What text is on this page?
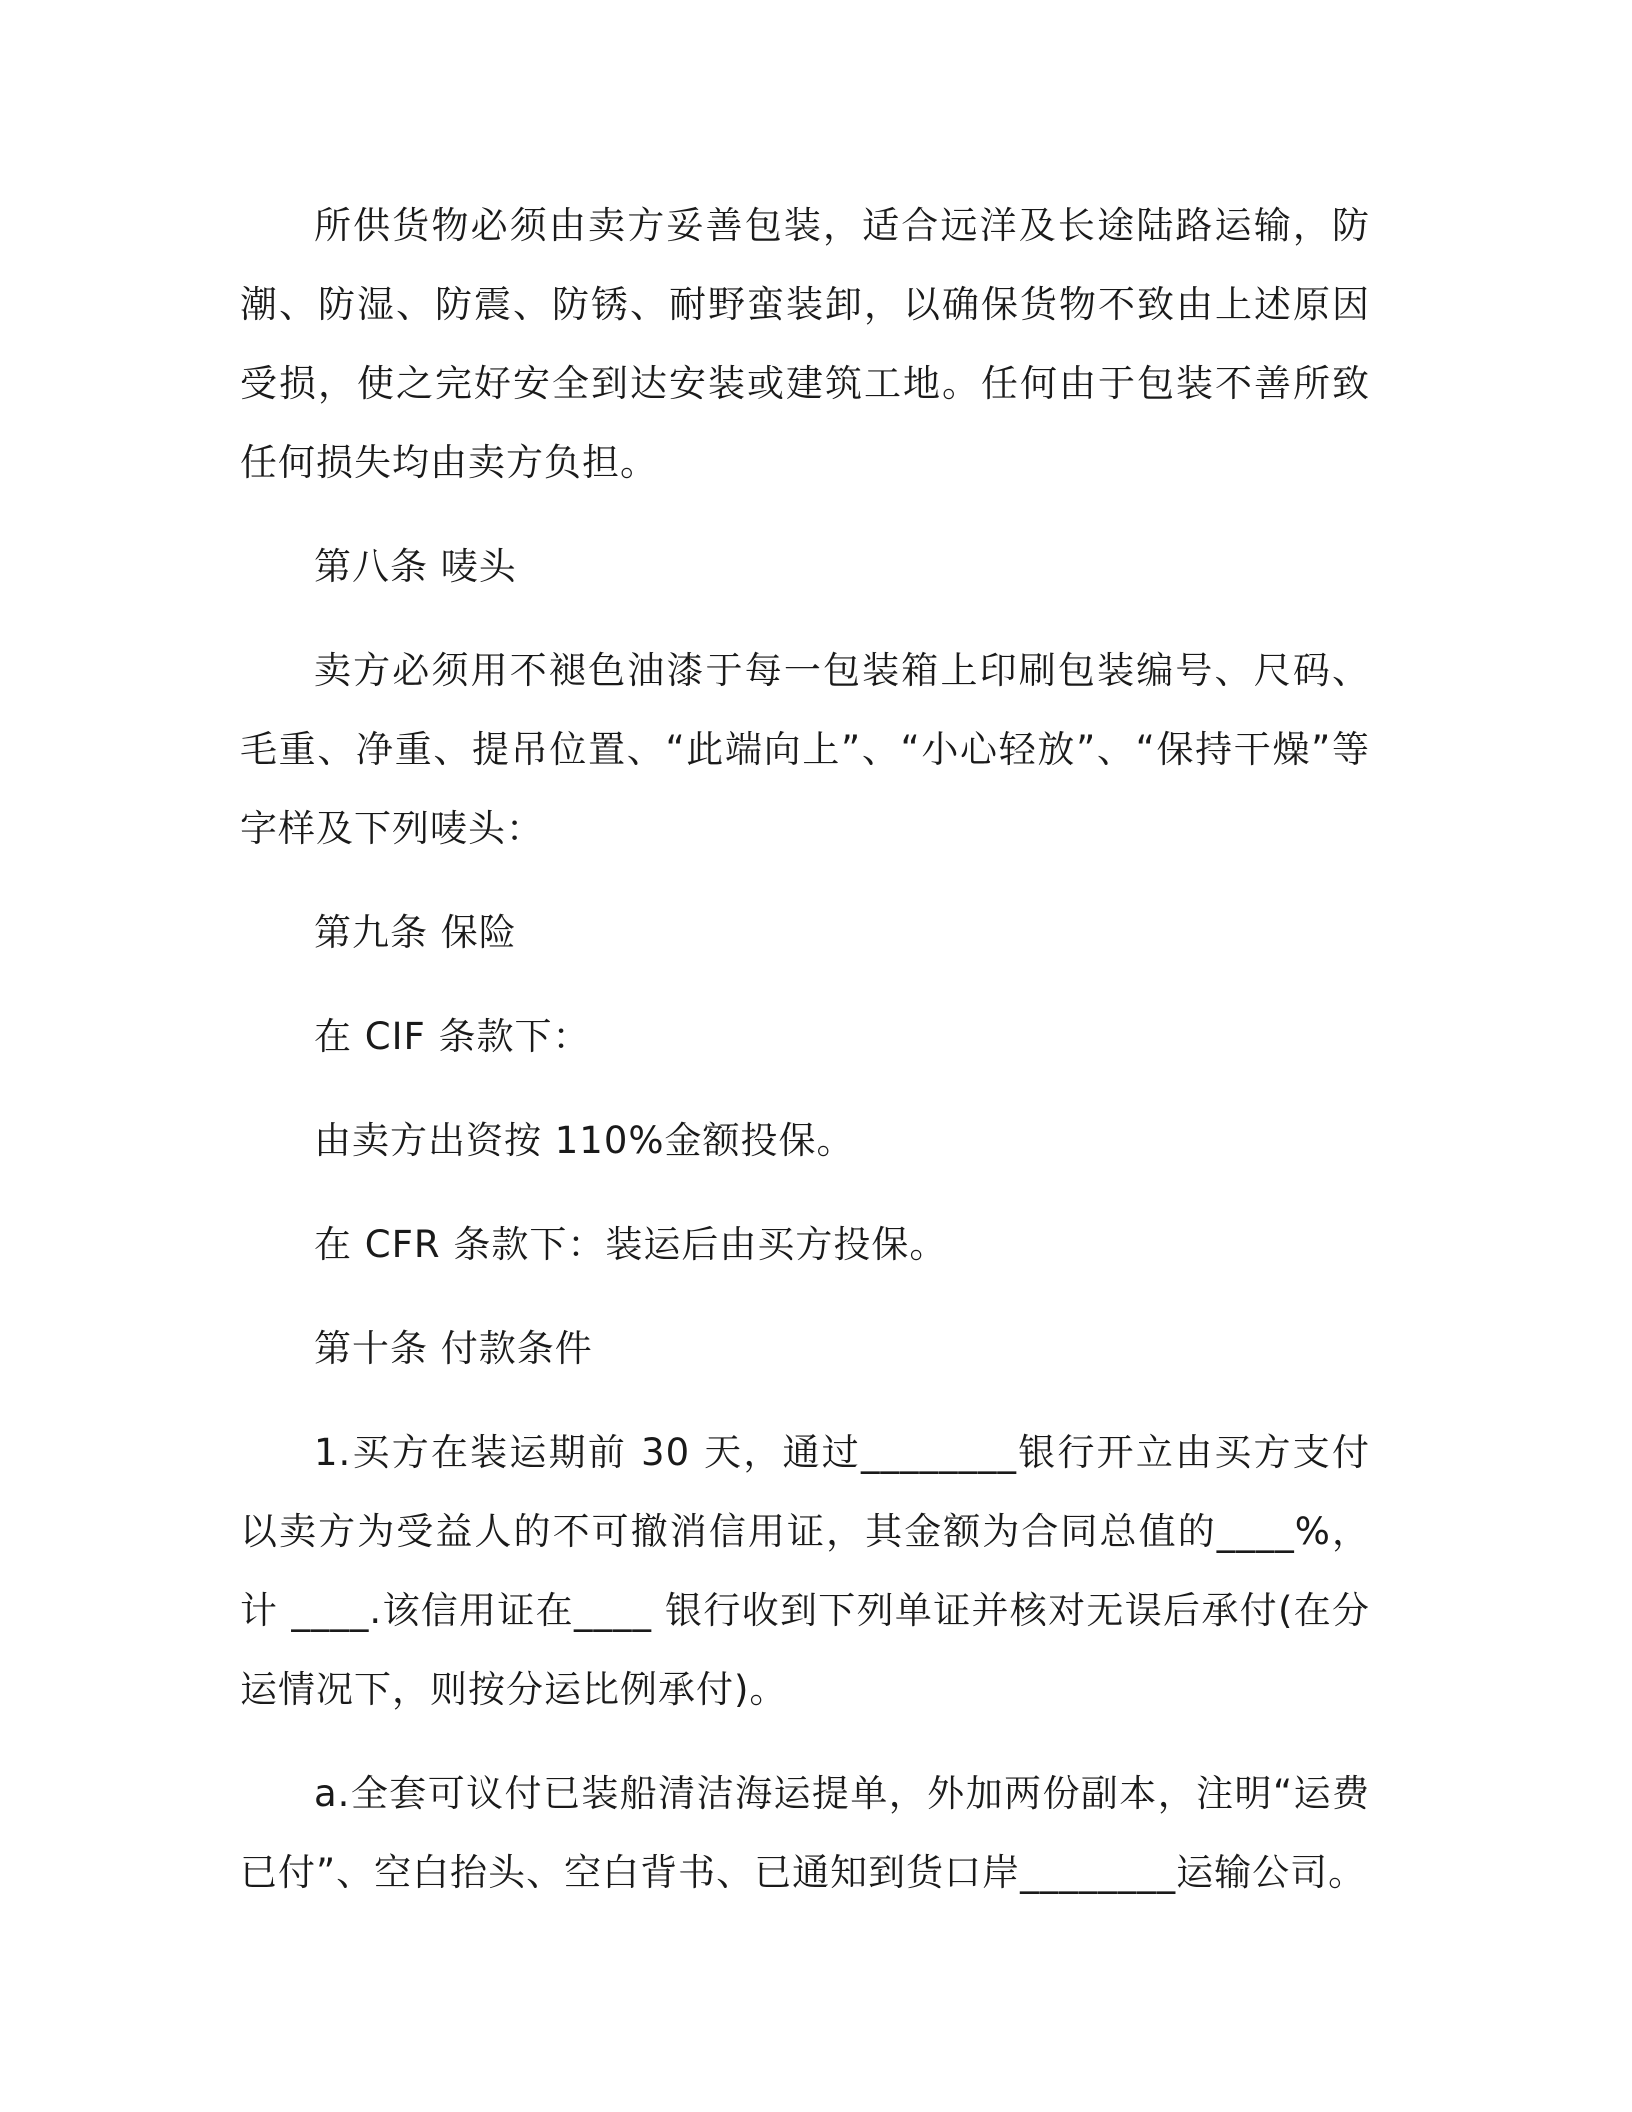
所供货物必须由卖方妥善包装，适合远洋及长途陆路运输，防潮、防湿、防震、防锈、耐野蛮装卸，以确保货物不致由上述原因受损，使之完好安全到达安装或建筑工地。任何由于包装不善所致任何损失均由卖方负担。

第八条 唛头

卖方必须用不褪色油漆于每一包装箱上印刷包装编号、尺码、毛重、净重、提吊位置、“此端向上”、“小心轻放”、“保持干燥”等字样及下列唛头：

第九条 保险

在 CIF 条款下：

由卖方出资按 110%金额投保。

在 CFR 条款下：装运后由买方投保。

第十条 付款条件

1.买方在装运期前 30 天，通过________银行开立由买方支付以卖方为受益人的不可撤消信用证，其金额为合同总值的____%，计 ____.该信用证在____ 银行收到下列单证并核对无误后承付(在分运情况下，则按分运比例承付)。

a.全套可议付已装船清洁海运提单，外加两份副本，注明“运费已付”、空白抬头、空白背书、已通知到货口岸________运输公司。
